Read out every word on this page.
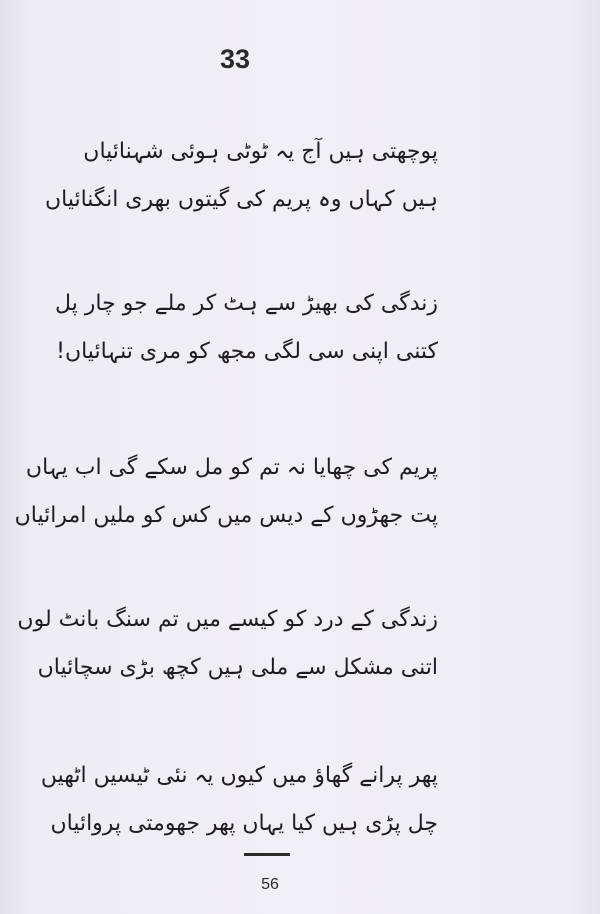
33
پوچھتی ہیں آج یہ ٹوٹی ہوئی شہنائیاں
ہیں کہاں وہ پریم کی گیتوں بھری انگنائیاں
زندگی کی بھیڑ سے ہٹ کر ملے جو چار پل
کتنی اپنی سی لگی مجھ کو مری تنہائیاں!
پریم کی چھایا نہ تم کو مل سکے گی اب یہاں
پت جھڑوں کے دیس میں کس کو ملیں امرائیاں
زندگی کے درد کو کیسے میں تم سنگ بانٹ لوں
اتنی مشکل سے ملی ہیں کچھ بڑی سچائیاں
پھر پرانے گھاؤ میں کیوں یہ نئی ٹیسیں اٹھیں
چل پڑی ہیں کیا یہاں پھر جھومتی پروائیاں
56
